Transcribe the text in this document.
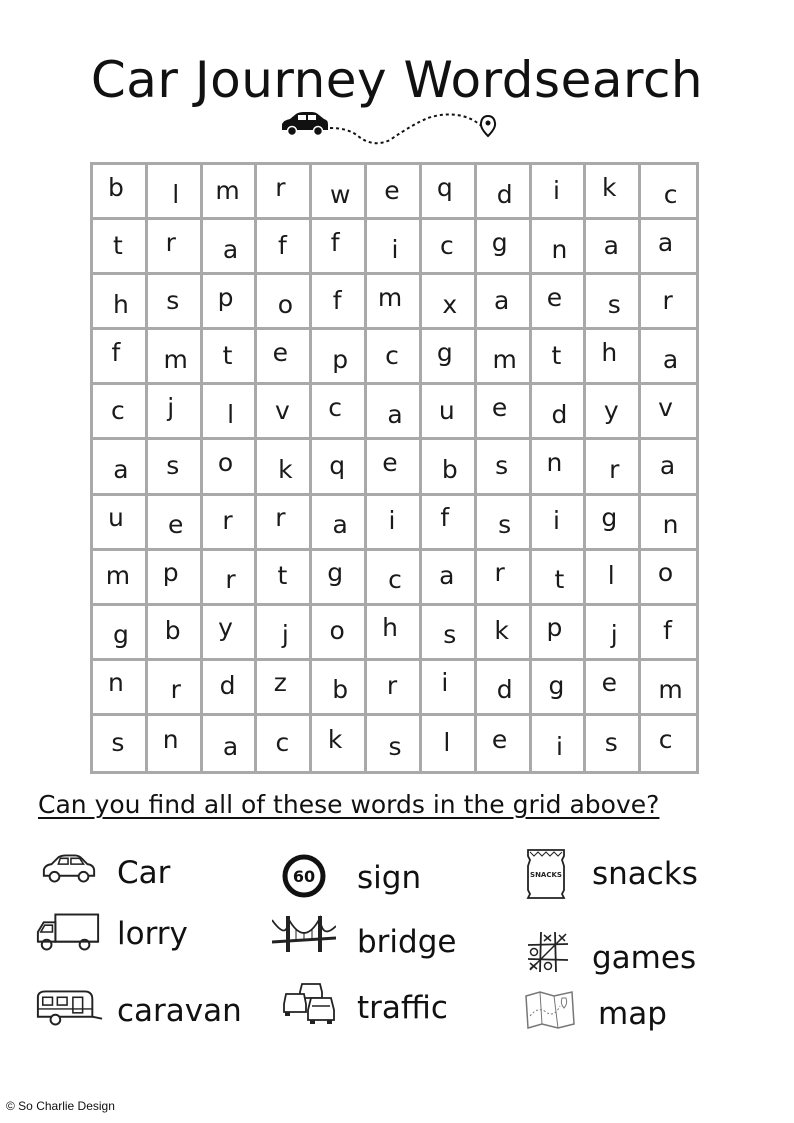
Car Journey Wordsearch
b l m r w e q d i k c
t r a f f i c g n a a
h s p o f m x a e s r
f m t e p c g m t h a
c j l v c a u e d y v
a s o k q e b s n r a
u e r r a i f s i g n
m p r t g c a r t l o
g b y j o h s k p j f
n r d z b r i d g e m
s n a c k s l e i s c
Can you find all of these words in the grid above?
Car
lorry
caravan
60 sign
bridge
traffic
SNACKS snacks
games
map
© So Charlie Design
